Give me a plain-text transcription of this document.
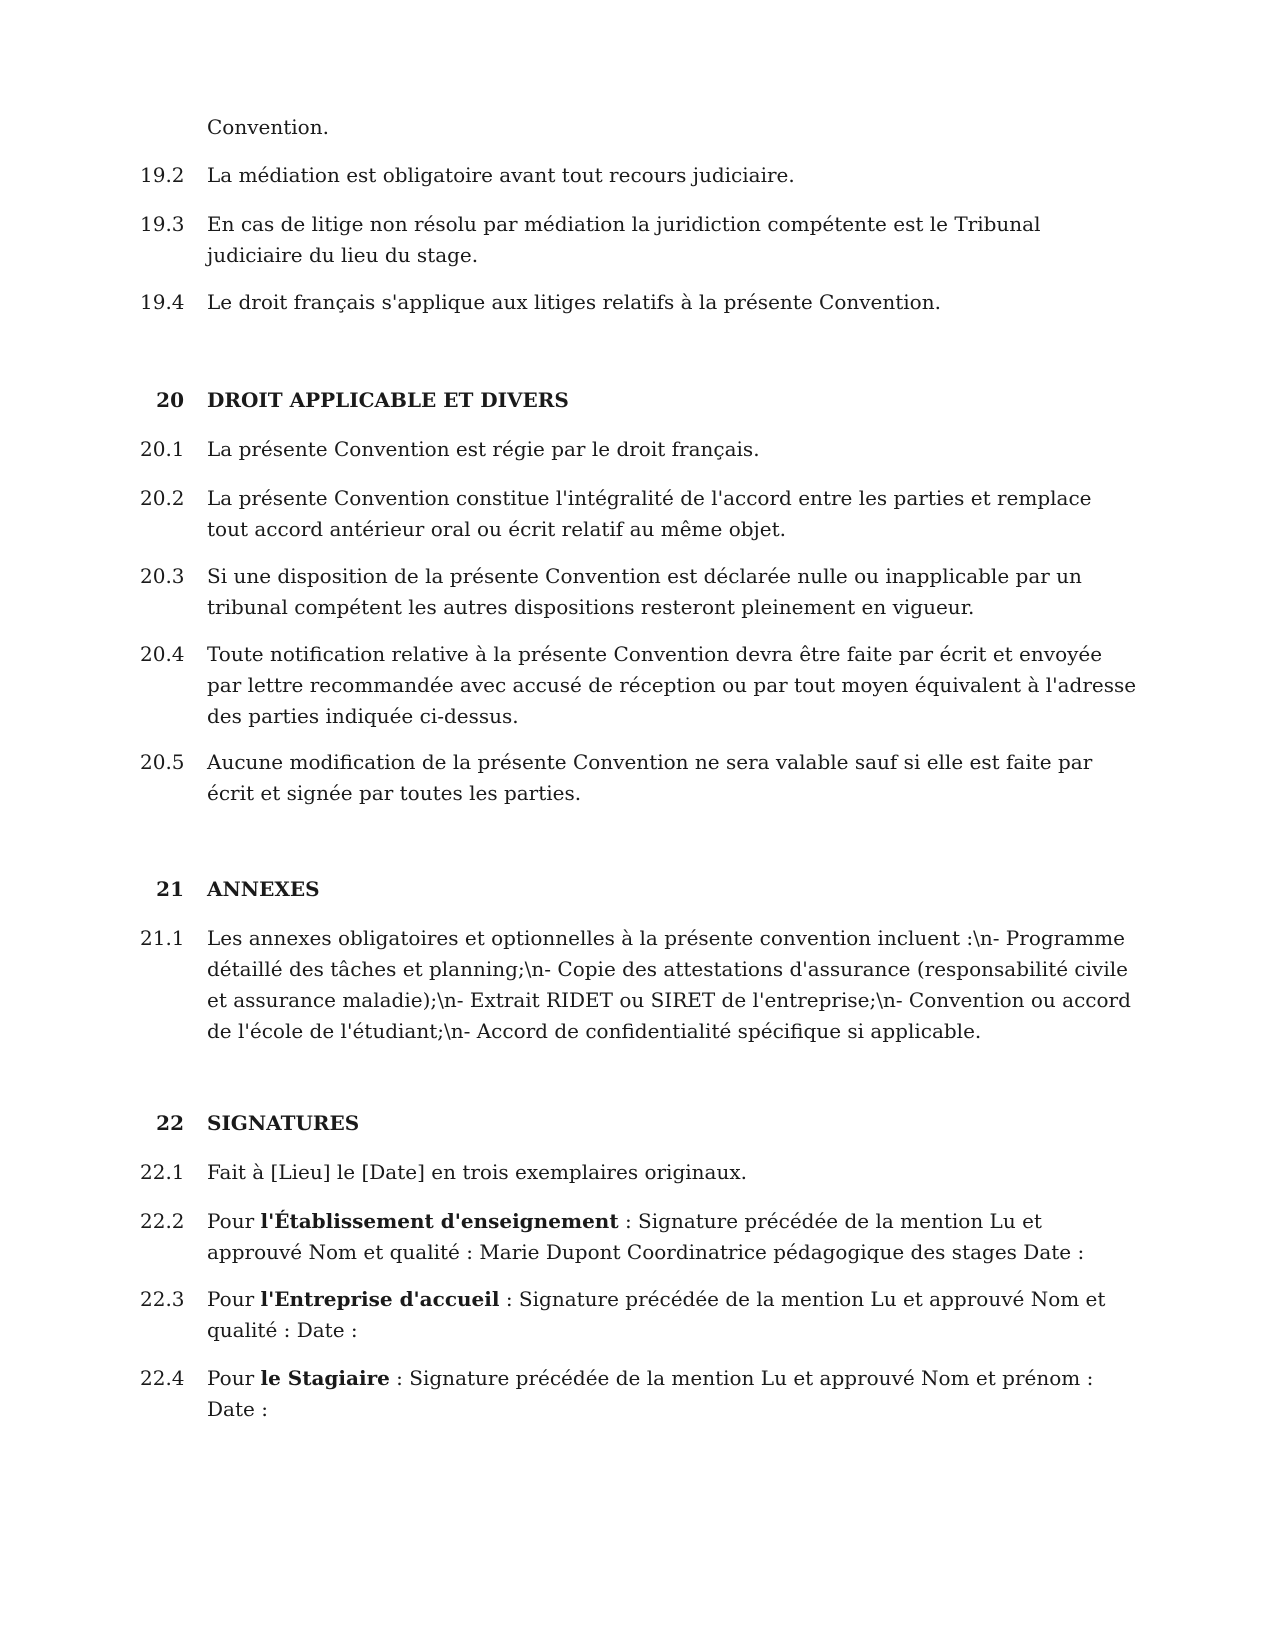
Convention.
19.2 La médiation est obligatoire avant tout recours judiciaire.
19.3 En cas de litige non résolu par médiation la juridiction compétente est le Tribunal judiciaire du lieu du stage.
19.4 Le droit français s'applique aux litiges relatifs à la présente Convention.
20 DROIT APPLICABLE ET DIVERS
20.1 La présente Convention est régie par le droit français.
20.2 La présente Convention constitue l'intégralité de l'accord entre les parties et remplace tout accord antérieur oral ou écrit relatif au même objet.
20.3 Si une disposition de la présente Convention est déclarée nulle ou inapplicable par un tribunal compétent les autres dispositions resteront pleinement en vigueur.
20.4 Toute notification relative à la présente Convention devra être faite par écrit et envoyée par lettre recommandée avec accusé de réception ou par tout moyen équivalent à l'adresse des parties indiquée ci-dessus.
20.5 Aucune modification de la présente Convention ne sera valable sauf si elle est faite par écrit et signée par toutes les parties.
21 ANNEXES
21.1 Les annexes obligatoires et optionnelles à la présente convention incluent :\n- Programme détaillé des tâches et planning;\n- Copie des attestations d'assurance (responsabilité civile et assurance maladie);\n- Extrait RIDET ou SIRET de l'entreprise;\n- Convention ou accord de l'école de l'étudiant;\n- Accord de confidentialité spécifique si applicable.
22 SIGNATURES
22.1 Fait à [Lieu] le [Date] en trois exemplaires originaux.
22.2 Pour l'Établissement d'enseignement : Signature précédée de la mention Lu et approuvé Nom et qualité : Marie Dupont Coordinatrice pédagogique des stages Date :
22.3 Pour l'Entreprise d'accueil : Signature précédée de la mention Lu et approuvé Nom et qualité : Date :
22.4 Pour le Stagiaire : Signature précédée de la mention Lu et approuvé Nom et prénom : Date :
